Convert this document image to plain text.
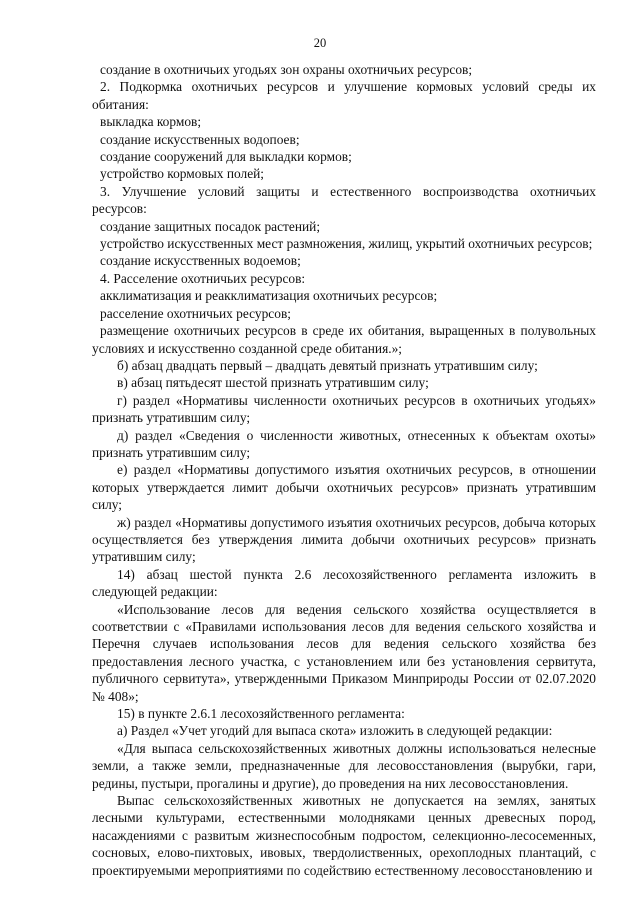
20

создание в охотничьих угодьях зон охраны охотничьих ресурсов;

2. Подкормка охотничьих ресурсов и улучшение кормовых условий среды их обитания:

выкладка кормов;

создание искусственных водопоев;

создание сооружений для выкладки кормов;

устройство кормовых полей;

3. Улучшение условий защиты и естественного воспроизводства охотничьих ресурсов:

создание защитных посадок растений;

устройство искусственных мест размножения, жилищ, укрытий охотничьих ресурсов;

создание искусственных водоемов;

4. Расселение охотничьих ресурсов:

акклиматизация и реакклиматизация охотничьих ресурсов;

расселение охотничьих ресурсов;

размещение охотничьих ресурсов в среде их обитания, выращенных в полувольных условиях и искусственно созданной среде обитания.»;

б) абзац двадцать первый – двадцать девятый признать утратившим силу;

в) абзац пятьдесят шестой признать утратившим силу;

г) раздел «Нормативы численности охотничьих ресурсов в охотничьих угодьях» признать утратившим силу;

д) раздел «Сведения о численности животных, отнесенных к объектам охоты» признать утратившим силу;

е) раздел «Нормативы допустимого изъятия охотничьих ресурсов, в отношении которых утверждается лимит добычи охотничьих ресурсов» признать утратившим силу;

ж) раздел «Нормативы допустимого изъятия охотничьих ресурсов, добыча которых осуществляется без утверждения лимита добычи охотничьих ресурсов» признать утратившим силу;

14) абзац шестой пункта 2.6 лесохозяйственного регламента изложить в следующей редакции:

«Использование лесов для ведения сельского хозяйства осуществляется в соответствии с «Правилами использования лесов для ведения сельского хозяйства и Перечня случаев использования лесов для ведения сельского хозяйства без предоставления лесного участка, с установлением или без установления сервитута, публичного сервитута», утвержденными Приказом Минприроды России от 02.07.2020 № 408»;

15) в пункте 2.6.1 лесохозяйственного регламента:

а) Раздел «Учет угодий для выпаса скота» изложить в следующей редакции:

«Для выпаса сельскохозяйственных животных должны использоваться нелесные земли, а также земли, предназначенные для лесовосстановления (вырубки, гари, редины, пустыри, прогалины и другие), до проведения на них лесовосстановления.

Выпас сельскохозяйственных животных не допускается на землях, занятых лесными культурами, естественными молодняками ценных древесных пород, насаждениями с развитым жизнеспособным подростом, селекционно-лесосеменных, сосновых, елово-пихтовых, ивовых, твердолиственных, орехоплодных плантаций, с проектируемыми мероприятиями по содействию естественному лесовосстановлению и
